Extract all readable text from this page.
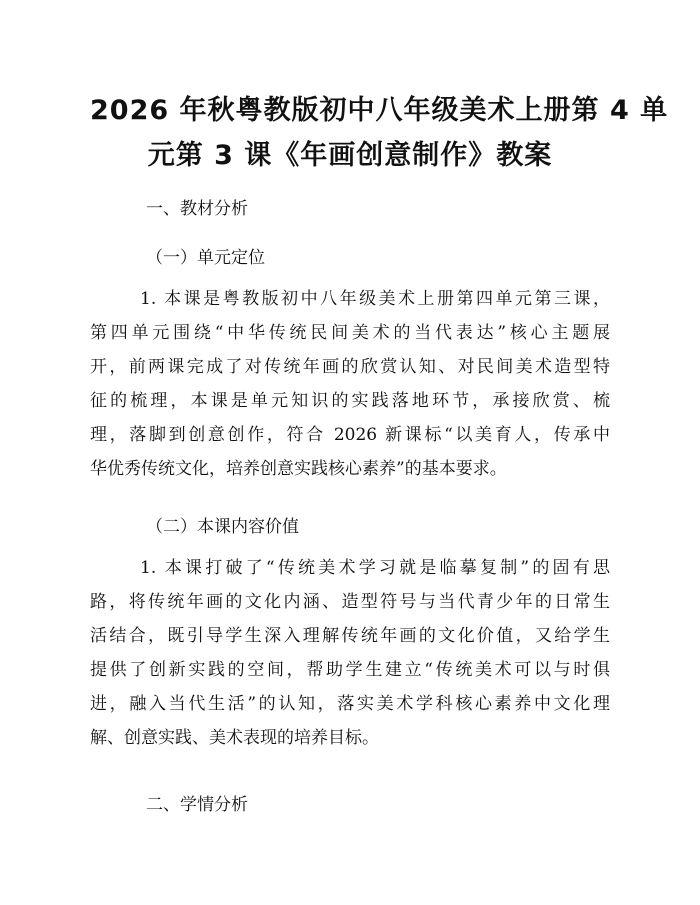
2026 年秋粤教版初中八年级美术上册第 4 单
元第 3 课《年画创意制作》教案
一、教材分析
（一）单元定位
1. 本课是粤教版初中八年级美术上册第四单元第三课，
第四单元围绕“中华传统民间美术的当代表达”核心主题展
开，前两课完成了对传统年画的欣赏认知、对民间美术造型特
征的梳理，本课是单元知识的实践落地环节，承接欣赏、梳
理，落脚到创意创作，符合 2026 新课标“以美育人，传承中
华优秀传统文化，培养创意实践核心素养”的基本要求。
（二）本课内容价值
1. 本课打破了“传统美术学习就是临摹复制”的固有思
路，将传统年画的文化内涵、造型符号与当代青少年的日常生
活结合，既引导学生深入理解传统年画的文化价值，又给学生
提供了创新实践的空间，帮助学生建立“传统美术可以与时俱
进，融入当代生活”的认知，落实美术学科核心素养中文化理
解、创意实践、美术表现的培养目标。
二、学情分析
